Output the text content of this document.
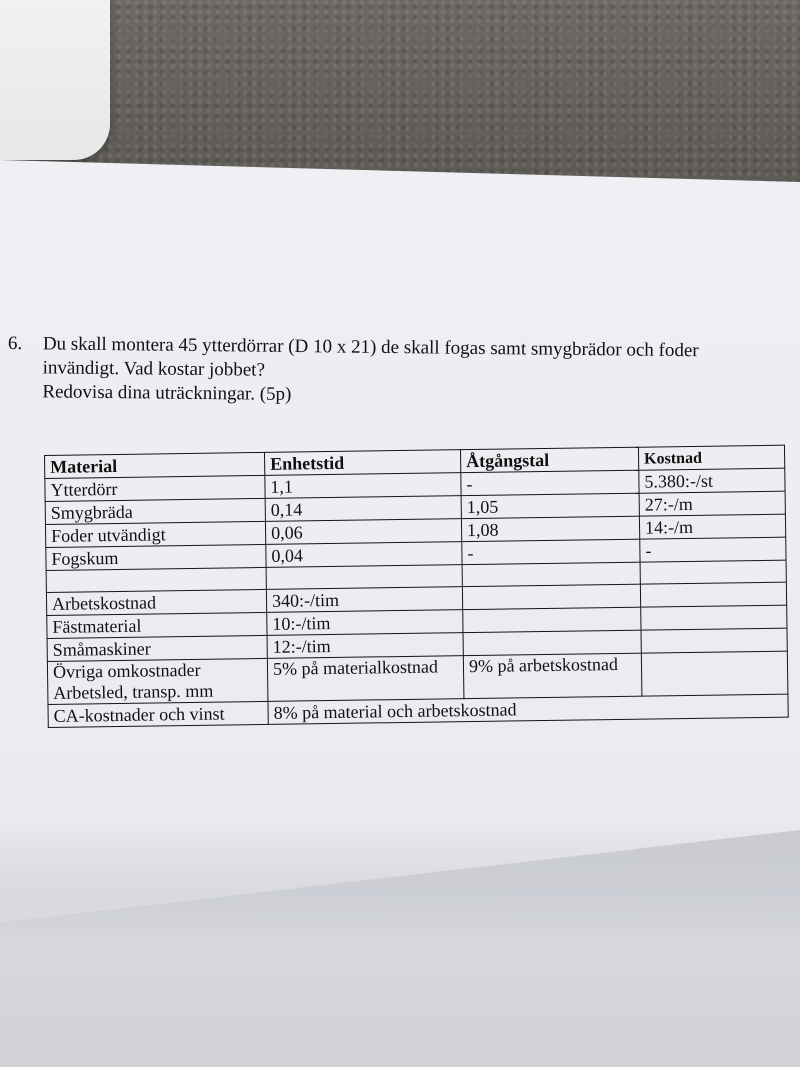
6. Du skall montera 45 ytterdörrar (D 10 x 21) de skall fogas samt smygbrädor och foder
invändigt. Vad kostar jobbet?
Redovisa dina uträckningar. (5p)
Material	Enhetstid	Åtgångstal	Kostnad
Ytterdörr	1,1	-	5.380:-/st
Smygbräda	0,14	1,05	27:-/m
Foder utvändigt	0,06	1,08	14:-/m
Fogskum	0,04	-	-

Arbetskostnad	340:-/tim		
Fästmaterial	10:-/tim		
Småmaskiner	12:-/tim		

Övriga omkostnader
Arbetsled, transp. mm	5% på materialkostnad	9% på arbetskostnad	
CA-kostnader och vinst	8% på material och arbetskostnad		
